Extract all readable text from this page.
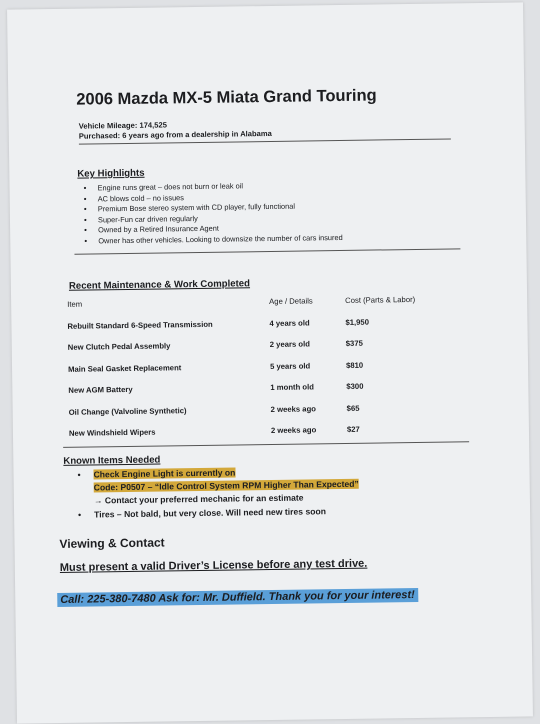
2006 Mazda MX-5 Miata Grand Touring
Vehicle Mileage: 174,525
Purchased: 6 years ago from a dealership in Alabama
Key Highlights
• Engine runs great – does not burn or leak oil
• AC blows cold – no issues
• Premium Bose stereo system with CD player, fully functional
• Super-Fun car driven regularly
• Owned by a Retired Insurance Agent
• Owner has other vehicles. Looking to downsize the number of cars insured
Recent Maintenance & Work Completed
Item	Age / Details	Cost (Parts & Labor)
Rebuilt Standard 6-Speed Transmission	4 years old	$1,950
New Clutch Pedal Assembly	2 years old	$375
Main Seal Gasket Replacement	5 years old	$810
New AGM Battery	1 month old	$300
Oil Change (Valvoline Synthetic)	2 weeks ago	$65
New Windshield Wipers	2 weeks ago	$27
Known Items Needed
• Check Engine Light is currently on
Code: P0507 – “Idle Control System RPM Higher Than Expected”
→ Contact your preferred mechanic for an estimate
• Tires – Not bald, but very close. Will need new tires soon
Viewing & Contact
Must present a valid Driver’s License before any test drive.
Call: 225-380-7480 Ask for: Mr. Duffield. Thank you for your interest!
